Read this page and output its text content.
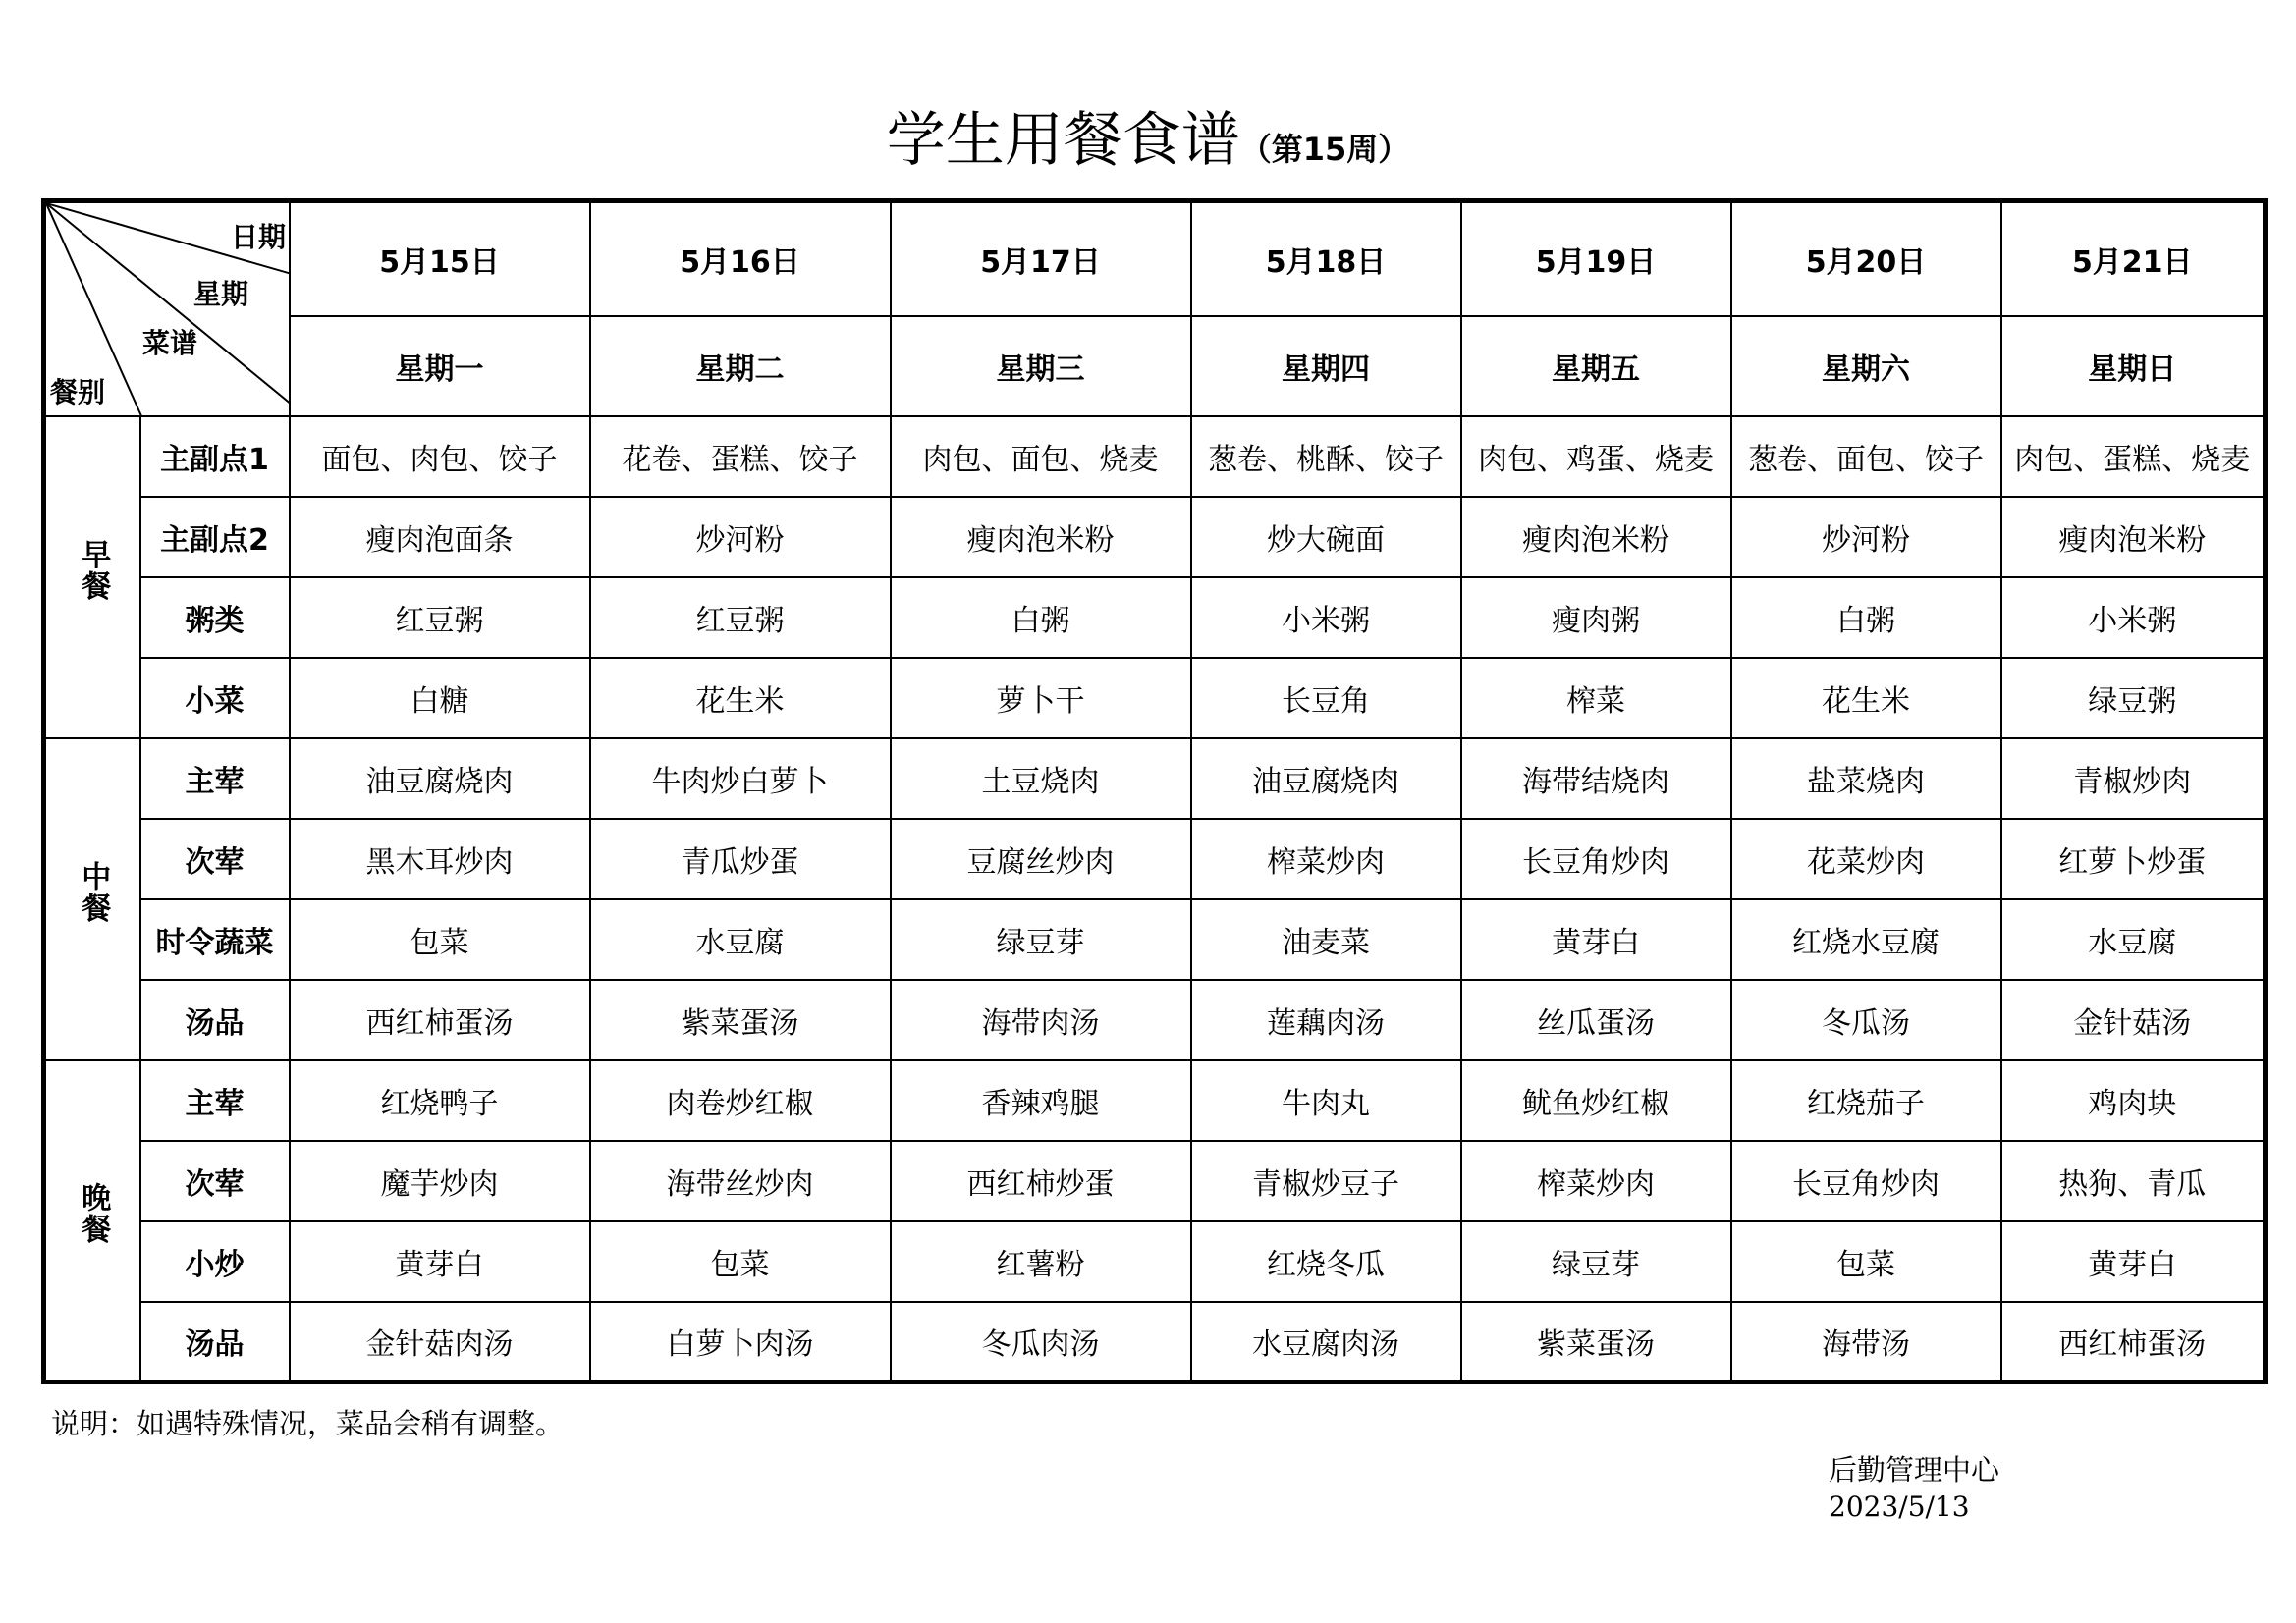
学生用餐食谱（第15周）
日期
星期
菜谱
餐别		5月15日	5月16日	5月17日	5月18日	5月19日	5月20日	5月21日
		星期一	星期二	星期三	星期四	星期五	星期六	星期日
早餐	主副点1	面包、肉包、饺子	花卷、蛋糕、饺子	肉包、面包、烧麦	葱卷、桃酥、饺子	肉包、鸡蛋、烧麦	葱卷、面包、饺子	肉包、蛋糕、烧麦
	主副点2	瘦肉泡面条	炒河粉	瘦肉泡米粉	炒大碗面	瘦肉泡米粉	炒河粉	瘦肉泡米粉
	粥类	红豆粥	红豆粥	白粥	小米粥	瘦肉粥	白粥	小米粥
	小菜	白糖	花生米	萝卜干	长豆角	榨菜	花生米	绿豆粥
中餐	主荤	油豆腐烧肉	牛肉炒白萝卜	土豆烧肉	油豆腐烧肉	海带结烧肉	盐菜烧肉	青椒炒肉
	次荤	黑木耳炒肉	青瓜炒蛋	豆腐丝炒肉	榨菜炒肉	长豆角炒肉	花菜炒肉	红萝卜炒蛋
	时令蔬菜	包菜	水豆腐	绿豆芽	油麦菜	黄芽白	红烧水豆腐	水豆腐
	汤品	西红柿蛋汤	紫菜蛋汤	海带肉汤	莲藕肉汤	丝瓜蛋汤	冬瓜汤	金针菇汤
晚餐	主荤	红烧鸭子	肉卷炒红椒	香辣鸡腿	牛肉丸	鱿鱼炒红椒	红烧茄子	鸡肉块
	次荤	魔芋炒肉	海带丝炒肉	西红柿炒蛋	青椒炒豆子	榨菜炒肉	长豆角炒肉	热狗、青瓜
	小炒	黄芽白	包菜	红薯粉	红烧冬瓜	绿豆芽	包菜	黄芽白
	汤品	金针菇肉汤	白萝卜肉汤	冬瓜肉汤	水豆腐肉汤	紫菜蛋汤	海带汤	西红柿蛋汤
说明：如遇特殊情况，菜品会稍有调整。
后勤管理中心
2023/5/13
